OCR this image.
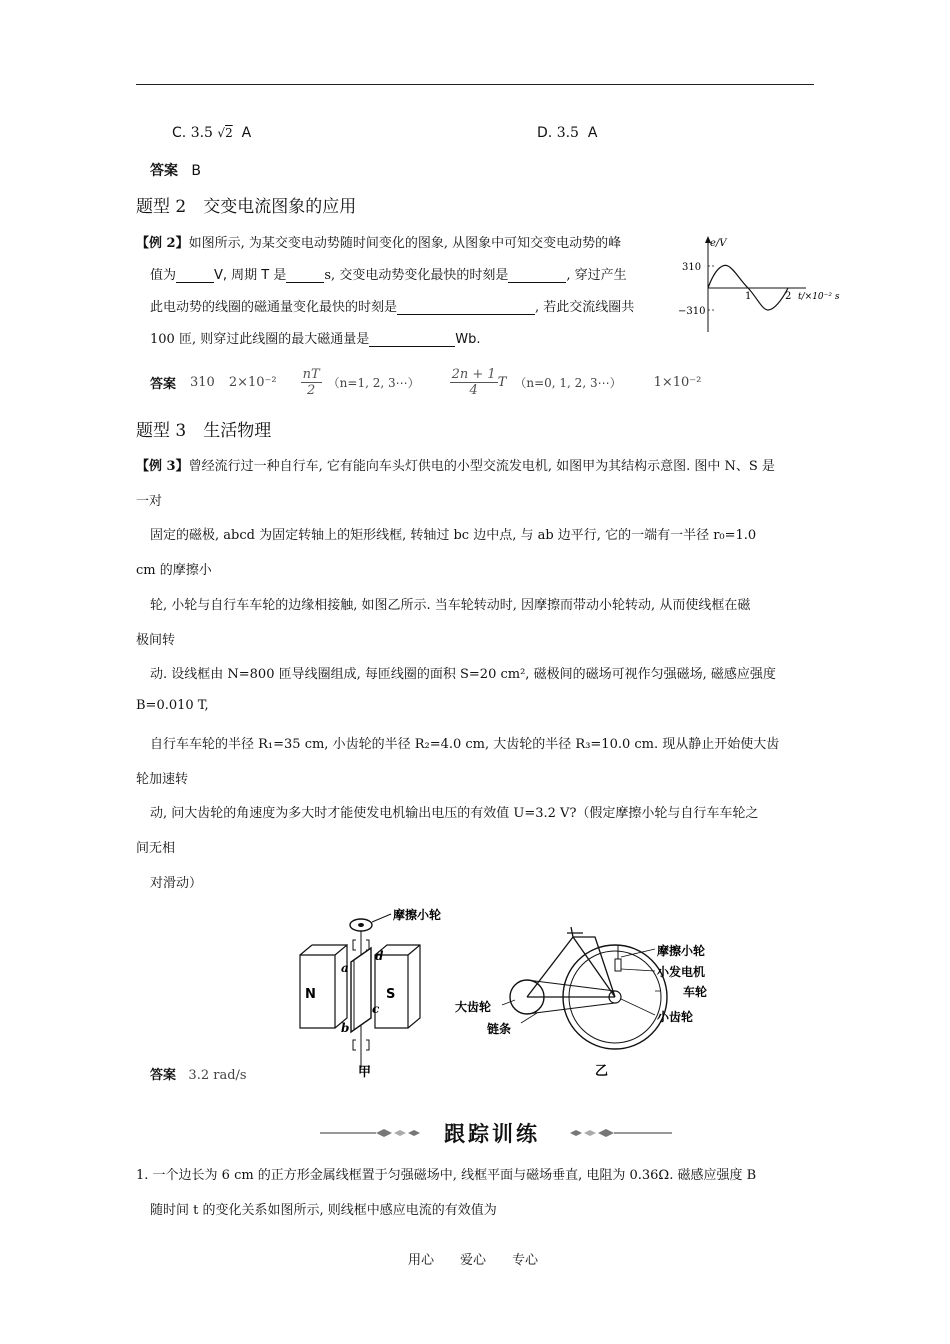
C. 3.5 √2 A	D. 3.5 A
答案 B
题型 2　交变电流图象的应用
【例 2】如图所示, 为某交变电动势随时间变化的图象, 从图象中可知交变电动势的峰
值为	V, 周期 T 是	s, 交变电动势变化最快的时刻是	, 穿过产生
此电动势的线圈的磁通量变化最快的时刻是	, 若此交流线圈共
100 匝, 则穿过此线圈的最大磁通量是	Wb.
e/V
310
−310
1	2 t/×10⁻² s
答案 310 $2\times 10^{-2} \frac{nT}{2} (n=1$, 2, 3⋯） $\frac{2n + 1}{4}$ T （n=0, 1, 2, 3⋯） 1×10⁻²
题型 3　生活物理
【例 3】曾经流行过一种自行车, 它有能向车头灯供电的小型交流发电机, 如图甲为其结构示意图. 图中 N、S 是
一对
固定的磁极, abcd 为固定转轴上的矩形线框, 转轴过 bc 边中点, 与 ab 边平行, 它的一端有一半径 r₀=1.0
cm 的摩擦小
轮, 小轮与自行车车轮的边缘相接触, 如图乙所示. 当车轮转动时, 因摩擦而带动小轮转动, 从而使线框在磁
极间转
动. 设线框由 N=800 匝导线圈组成, 每匝线圈的面积 S=20 cm², 磁极间的磁场可视作匀强磁场, 磁感应强度
B=0.010 T,
自行车车轮的半径 R₁=35 cm, 小齿轮的半径 R₂=4.0 cm, 大齿轮的半径 R₃=10.0 cm. 现从静止开始使大齿
轮加速转
动, 问大齿轮的角速度为多大时才能使发电机输出电压的有效值 U=3.2 V?（假定摩擦小轮与自行车车轮之
间无相
对滑动）
摩擦小轮
N	S
a
b
c
d
甲
摩擦小轮
小发电机
车轮
小齿轮
大齿轮
链条
乙
答案 3.2 rad/s
跟踪训练
1. 一个边长为 6 cm 的正方形金属线框置于匀强磁场中, 线框平面与磁场垂直, 电阻为 0.36Ω. 磁感应强度 B
随时间 t 的变化关系如图所示, 则线框中感应电流的有效值为
用心　　爱心　　专心
